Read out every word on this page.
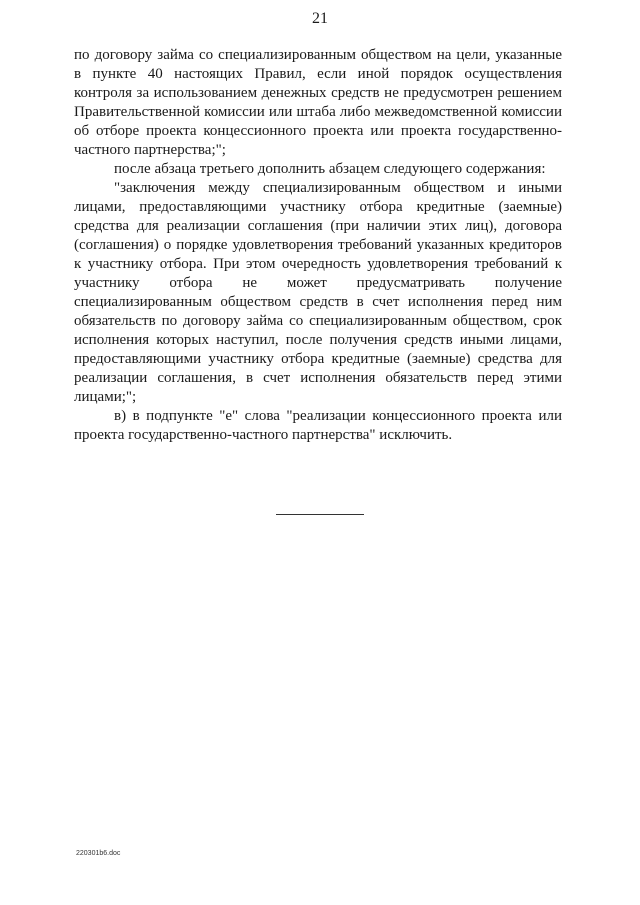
21

по договору займа со специализированным обществом на цели, указанные в пункте 40 настоящих Правил, если иной порядок осуществления контроля за использованием денежных средств не предусмотрен решением Правительственной комиссии или штаба либо межведомственной комиссии об отборе проекта концессионного проекта или проекта государственно-частного партнерства;";

после абзаца третьего дополнить абзацем следующего содержания:

"заключения между специализированным обществом и иными лицами, предоставляющими участнику отбора кредитные (заемные) средства для реализации соглашения (при наличии этих лиц), договора (соглашения) о порядке удовлетворения требований указанных кредиторов к участнику отбора. При этом очередность удовлетворения требований к участнику отбора не может предусматривать получение специализированным обществом средств в счет исполнения перед ним обязательств по договору займа со специализированным обществом, срок исполнения которых наступил, после получения средств иными лицами, предоставляющими участнику отбора кредитные (заемные) средства для реализации соглашения, в счет исполнения обязательств перед этими лицами;";

в) в подпункте "е" слова "реализации концессионного проекта или проекта государственно-частного партнерства" исключить.

220301b6.doc
